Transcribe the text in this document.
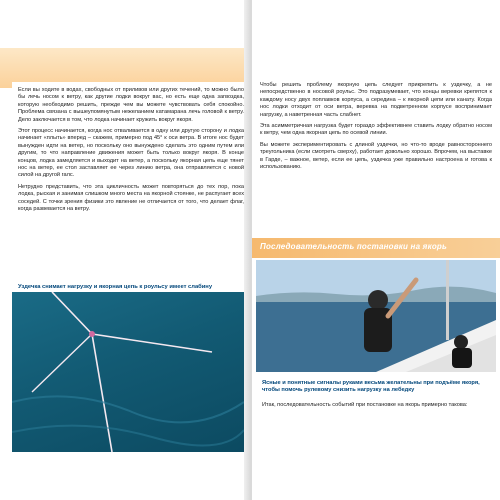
Если вы ходите в водах, свободных от приливов или других течений, то можно было бы лечь носом к ветру, как другие лодки вокруг вас, но есть еще одна загвоздка, которую необходимо решить, прежде чем вы можете чувствовать себя спокойно. Проблема связана с вышеупомянутым нежеланием катамарана лечь головой к ветру. Дело заключается в том, что лодка начинает кружить вокруг якоря.

Этот процесс начинается, когда нос отваливается в одну или другую сторону и лодка начинает «плыть» вперед – скажем, примерно под 45° к оси ветра. В итоге нос будет вынужден идти на ветер, но поскольку оно вынуждено сделать это одним путем или другим, то что направление движения может быть только вокруг якоря. В конце концов, лодка замедляется и выходит на ветер, а поскольку якорная цепь еще тянет нос на ветер, ее стол заставляет ее через линию ветра, она отправляется с новой силой на другой галс.

Нетрудно представить, что эта цикличность может повторяться до тех пор, пока лодка, рыская и занимая слишком много места на якорной стоянке, не распугает всех соседей. С точки зрения физики это явление не отличается от того, что делает флаг, когда развевается на ветру.

Уздечка снимает нагрузку и якорная цепь к роульсу имеет слабину

Чтобы решить проблему якорную цепь следует прикрепить к уздечку, а не непосредственно в носовой роульс. Это подразумевает, что концы веревки крепятся к каждому носу двух поплавков корпуса, а середина – к якорной цепи или канату. Когда нос лодки отходит от оси ветра, веревка на подветренном корпусе воспринимает нагрузку, а наветренная часть слабнет.

Эта асимметричная нагрузка будет гораздо эффективнее ставить лодку обратно носом к ветру, чем одна якорная цепь по осевой линии.

Вы можете экспериментировать с длиной уздечки, но что-то вроде равностороннего треугольника (если смотреть сверху), работает довольно хорошо. Впрочем, на выставке в Гарде, – важное, ветер, если ее цепь, уздечка уже правильно настроена и готова к использованию.

Последовательность постановки на якорь
Ясные и понятные сигналы руками весьма желательны при подъёме якоря, чтобы помочь рулевому снизить нагрузку на лебедку

Итак, последовательность событий при постановке на якорь примерно такова:
